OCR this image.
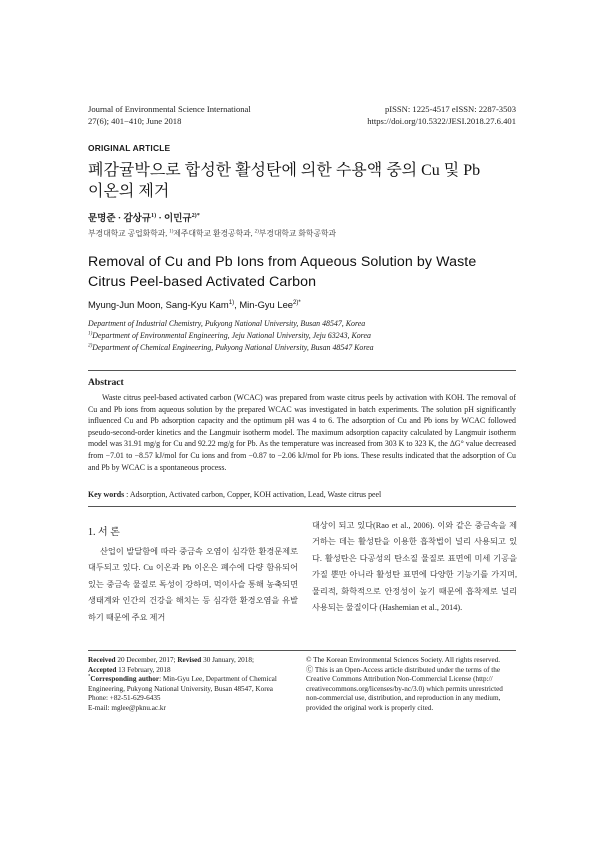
Journal of Environmental Science International
27(6); 401−410; June 2018
pISSN: 1225-4517 eISSN: 2287-3503
https://doi.org/10.5322/JESI.2018.27.6.401
ORIGINAL ARTICLE
폐감귤박으로 합성한 활성탄에 의한 수용액 중의 Cu 및 Pb
이온의 제거
문명준 · 감상규$^{1)}$ · 이민규$^{2)*}$
부경대학교 공업화학과, $^{1)}$제주대학교 환경공학과, $^{2)}$부경대학교 화학공학과
Removal of Cu and Pb Ions from Aqueous Solution by Waste
Citrus Peel-based Activated Carbon
Myung-Jun Moon, Sang-Kyu Kam$^{1)}$, Min-Gyu Lee$^{2)*}$
Department of Industrial Chemistry, Pukyong National University, Busan 48547, Korea
$^{1)}$Department of Environmental Engineering, Jeju National University, Jeju 63243, Korea
$^{2)}$Department of Chemical Engineering, Pukyong National University, Busan 48547 Korea
Abstract
Waste citrus peel-based activated carbon (WCAC) was prepared from waste citrus peels by activation with KOH. The removal of Cu and Pb ions from aqueous solution by the prepared WCAC was investigated in batch experiments. The solution pH significantly influenced Cu and Pb adsorption capacity and the optimum pH was 4 to 6. The adsorption of Cu and Pb ions by WCAC followed pseudo-second-order kinetics and the Langmuir isotherm model. The maximum adsorption capacity calculated by Langmuir isotherm model was 31.91 mg/g for Cu and 92.22 mg/g for Pb. As the temperature was increased from 303 K to 323 K, the ΔG° value decreased from −7.01 to −8.57 kJ/mol for Cu ions and from −0.87 to −2.06 kJ/mol for Pb ions. These results indicated that the adsorption of Cu and Pb by WCAC is a spontaneous process.
Key words : Adsorption, Activated carbon, Copper, KOH activation, Lead, Waste citrus peel
1. 서 론
산업이 발달함에 따라 중금속 오염이 심각한 환경문제로 대두되고 있다. Cu 이온과 Pb 이온은 폐수에 다량 함유되어 있는 중금속 물질로 독성이 강하며, 먹이사슬 통해 농축되면 생태계와 인간의 건강을 해치는 등 심각한 환경오염을 유발하기 때문에 주요 제거
대상이 되고 있다(Rao et al., 2006). 이와 같은 중금속을 제거하는 데는 활성탄을 이용한 흡착법이 널리 사용되고 있다. 활성탄은 다공성의 탄소질 물질로 표면에 미세 기공을 가질 뿐만 아니라 활성탄 표면에 다양한 기능기를 가지며, 물리적, 화학적으로 안정성이 높기 때문에 흡착제로 널리 사용되는 물질이다 (Hashemian et al., 2014).
Received 20 December, 2017; Revised 30 January, 2018;
Accepted 13 February, 2018
*Corresponding author: Min-Gyu Lee, Department of Chemical Engineering, Pukyong National University, Busan 48547, Korea
Phone: +82-51-629-6435
E-mail: mglee@pknu.ac.kr
© The Korean Environmental Sciences Society. All rights reserved.
Ⓒ This is an Open-Access article distributed under the terms of the Creative Commons Attribution Non-Commercial License (http:// creativecommons.org/licenses/by-nc/3.0) which permits unrestricted non-commercial use, distribution, and reproduction in any medium, provided the original work is properly cited.
